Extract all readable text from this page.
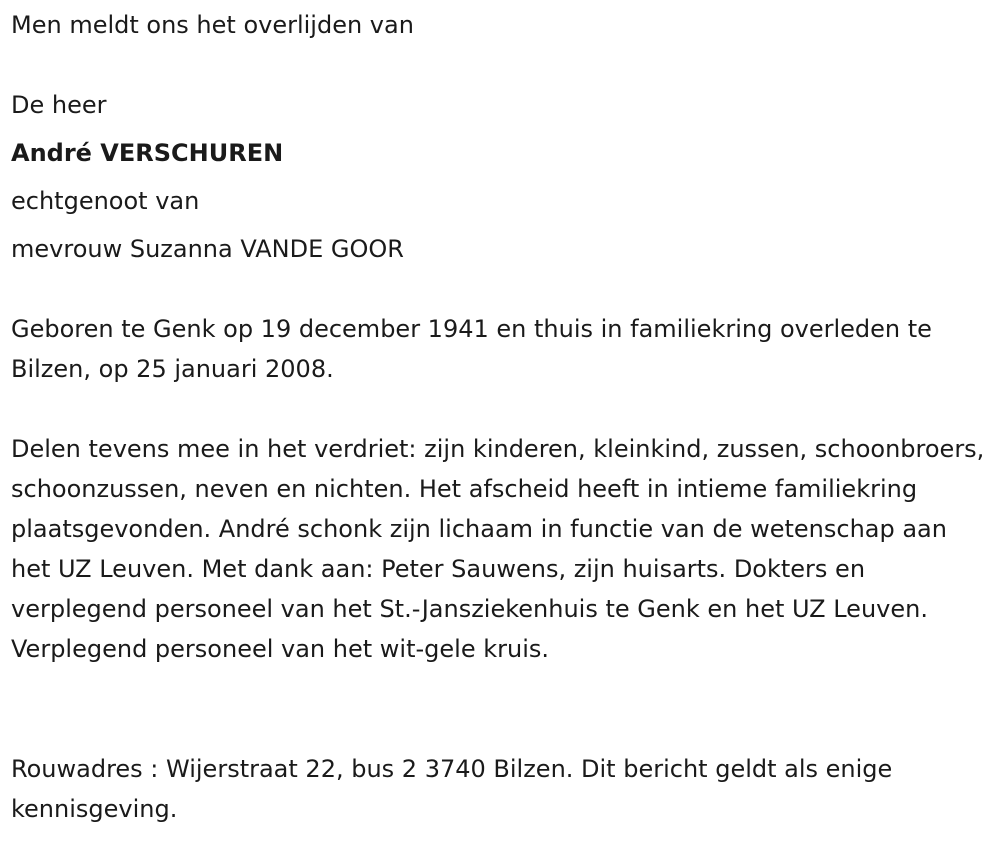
Men meldt ons het overlijden van
De heer
André VERSCHUREN
echtgenoot van
mevrouw Suzanna VANDE GOOR

Geboren te Genk op 19 december 1941 en thuis in familiekring overleden te Bilzen, op 25 januari 2008.

Delen tevens mee in het verdriet: zijn kinderen, kleinkind, zussen, schoonbroers, schoonzussen, neven en nichten. Het afscheid heeft in intieme familiekring plaatsgevonden. André schonk zijn lichaam in functie van de wetenschap aan het UZ Leuven. Met dank aan: Peter Sauwens, zijn huisarts. Dokters en verplegend personeel van het St.-Jansziekenhuis te Genk en het UZ Leuven. Verplegend personeel van het wit-gele kruis.

Rouwadres : Wijerstraat 22, bus 2 3740 Bilzen. Dit bericht geldt als enige kennisgeving.
